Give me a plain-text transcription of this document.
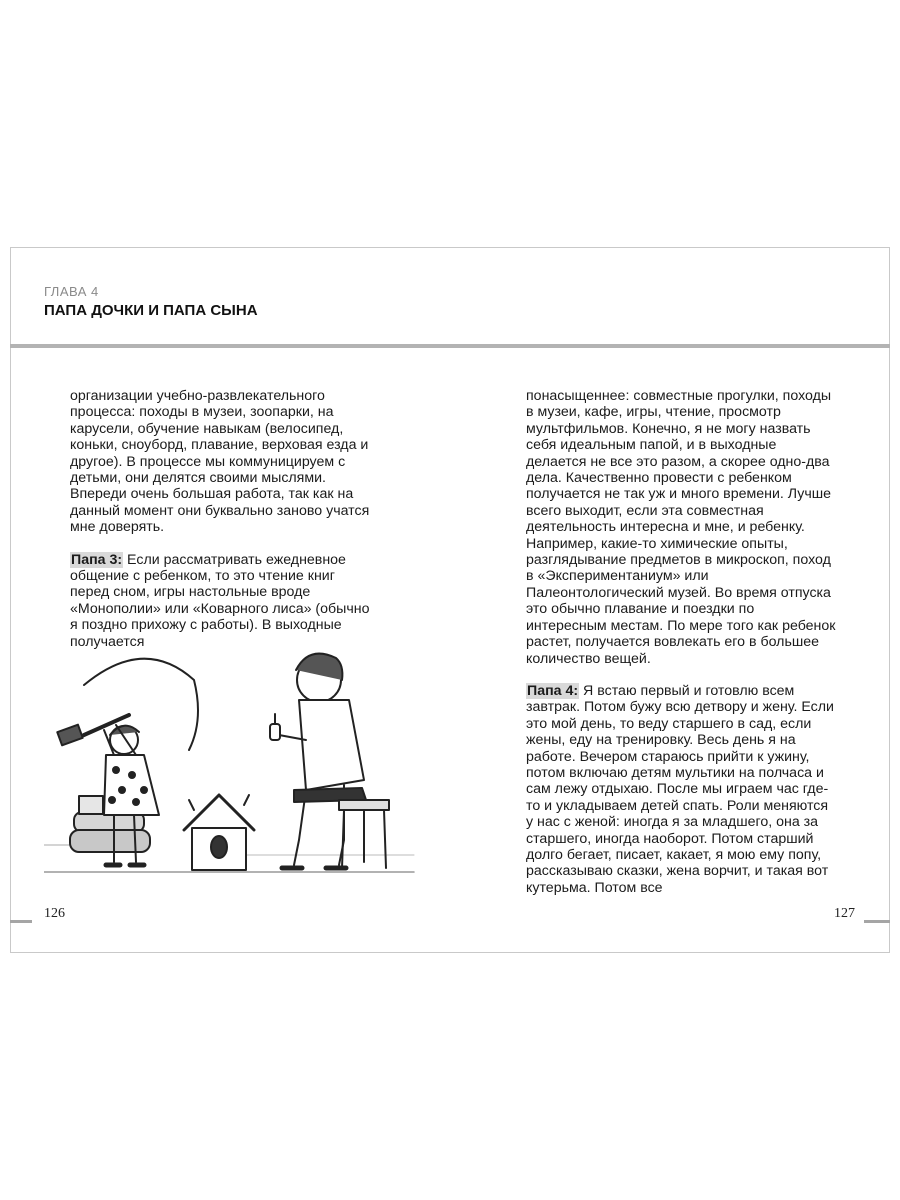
ГЛАВА 4
ПАПА ДОЧКИ И ПАПА СЫНА

организации учебно-развлекательного процесса: походы в музеи, зоопарки, на карусели, обучение навыкам (велосипед, коньки, сноуборд, плавание, верховая езда и другое). В процессе мы коммуницируем с детьми, они делятся своими мыслями. Впереди очень большая работа, так как на данный момент они буквально заново учатся мне доверять.

Папа 3: Если рассматривать ежедневное общение с ребенком, то это чтение книг перед сном, игры настольные вроде «Монополии» или «Коварного лиса» (обычно я поздно прихожу с работы). В выходные получается

понасыщеннее: совместные прогулки, походы в музеи, кафе, игры, чтение, просмотр мультфильмов. Конечно, я не могу назвать себя идеальным папой, и в выходные делается не все это разом, а скорее одно-два дела. Качественно провести с ребенком получается не так уж и много времени. Лучше всего выходит, если эта совместная деятельность интересна и мне, и ребенку. Например, какие-то химические опыты, разглядывание предметов в микроскоп, поход в «Экспериментаниум» или Палеонтологический музей. Во время отпуска это обычно плавание и поездки по интересным местам. По мере того как ребенок растет, получается вовлекать его в большее количество вещей.

Папа 4: Я встаю первый и готовлю всем завтрак. Потом бужу всю детвору и жену. Если это мой день, то веду старшего в сад, если жены, еду на тренировку. Весь день я на работе. Вечером стараюсь прийти к ужину, потом включаю детям мультики на полчаса и сам лежу отдыхаю. После мы играем час где-то и укладываем детей спать. Роли меняются у нас с женой: иногда я за младшего, она за старшего, иногда наоборот. Потом старший долго бегает, писает, какает, я мою ему попу, рассказываю сказки, жена ворчит, и такая вот кутерьма. Потом все

126	127
